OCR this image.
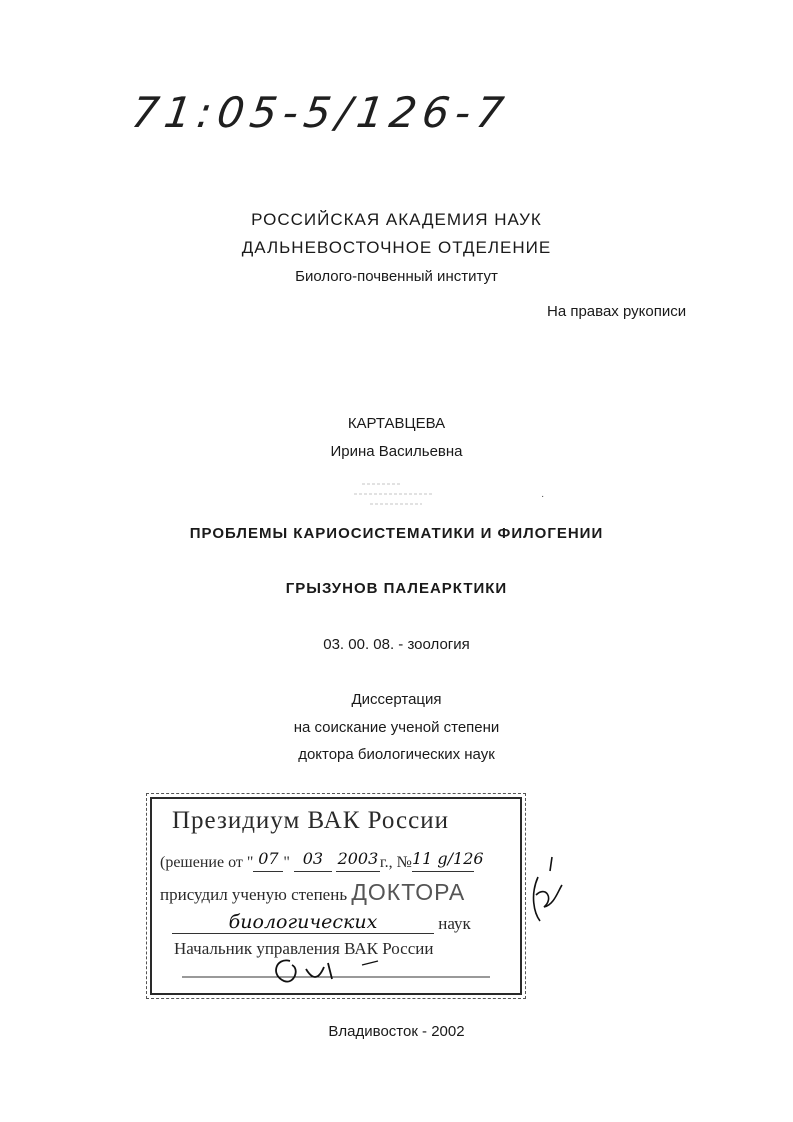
71:05-5/126-7
РОССИЙСКАЯ АКАДЕМИЯ НАУК
ДАЛЬНЕВОСТОЧНОЕ ОТДЕЛЕНИЕ
Биолого-почвенный институт
На правах рукописи
КАРТАВЦЕВА
Ирина Васильевна
·
ПРОБЛЕМЫ КАРИОСИСТЕМАТИКИ И ФИЛОГЕНИИ
ГРЫЗУНОВ ПАЛЕАРКТИКИ
03. 00. 08. - зоология
Диссертация
на соискание ученой степени
доктора биологических наук
Президиум ВАК России
(решение от " 07 " 03 2003 г., №11 g/126
присудил ученую степень ДОКТОРА
биологических	наук
Начальник управления ВАК России
Владивосток - 2002
